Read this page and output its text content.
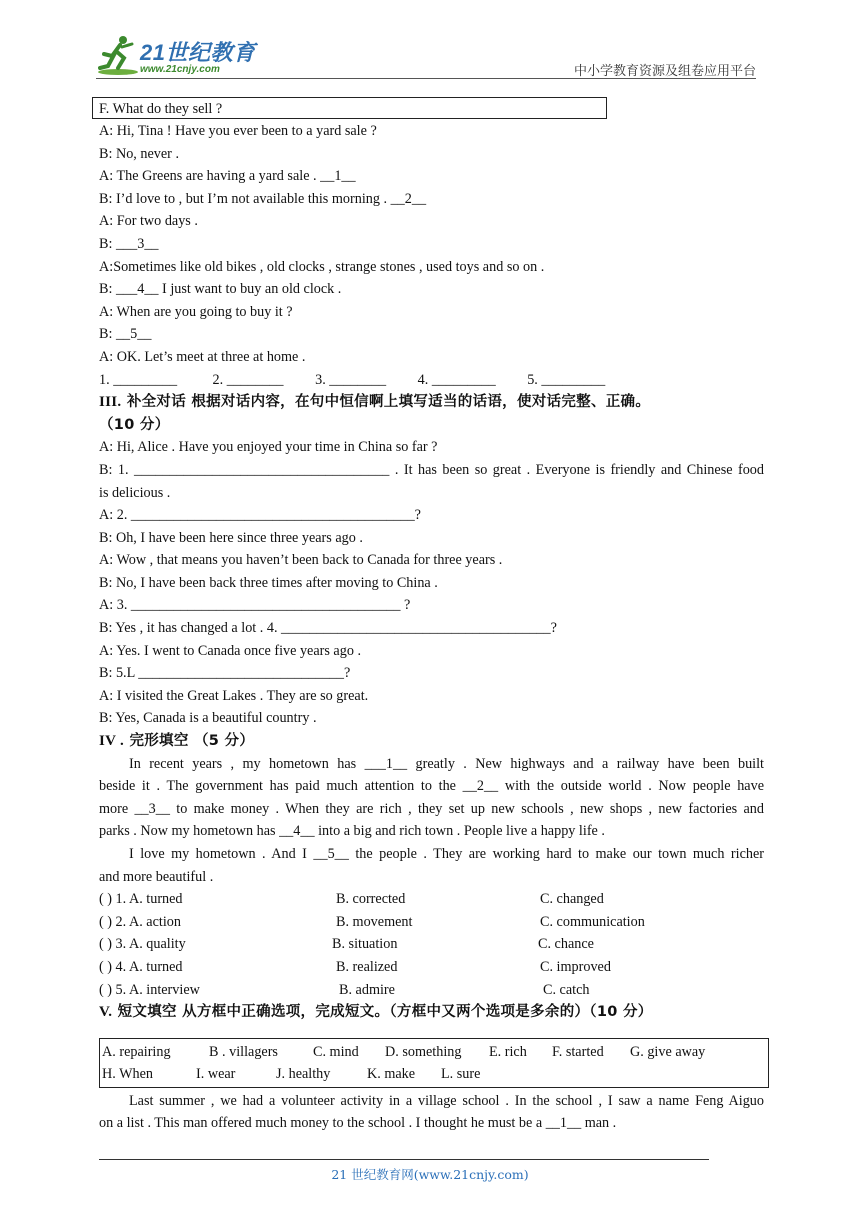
21世纪教育
www.21cnjy.com	中小学教育资源及组卷应用平台
F. What do they sell ?
A: Hi, Tina ! Have you ever been to a yard sale ?
B: No, never .
A: The Greens are having a yard sale . __1__
B: I’d love to , but I’m not available this morning . __2__
A: For two days .
B: ___3__
A:Sometimes like old bikes , old clocks , strange stones , used toys and so on .
B: ___4__ I just want to buy an old clock .
A: When are you going to buy it ?
B: __5__
A: OK. Let’s meet at three at home .
1. _________	2. ________ 3. ________ 4. _________ 5. _________
III. 补全对话 根据对话内容，在句中恒信啊上填写适当的话语，使对话完整、正确。
（10 分）
A: Hi, Alice . Have you enjoyed your time in China so far ?
B: 1. ____________________________________ . It has been so great . Everyone is friendly and Chinese food
is delicious .
A: 2. ________________________________________?
B: Oh, I have been here since three years ago .
A: Wow , that means you haven’t been back to Canada for three years .
B: No, I have been back three times after moving to China .
A: 3. ______________________________________ ?
B: Yes , it has changed a lot . 4. ______________________________________?
A: Yes. I went to Canada once five years ago .
B: 5.L _____________________________?
A: I visited the Great Lakes . They are so great.
B: Yes, Canada is a beautiful country .
IV . 完形填空 （5 分）
In recent years , my hometown has ___1__ greatly . New highways and a railway have been built
beside it . The government has paid much attention to the __2__ with the outside world . Now people have
more __3__ to make money . When they are rich , they set up new schools , new shops , new factories and
parks . Now my hometown has __4__ into a big and rich town . People live a happy life .
I love my hometown . And I __5__ the people . They are working hard to make our town much richer
and more beautiful .
( ) 1. A. turned	B. corrected	C. changed
( ) 2. A. action	B. movement	C. communication
( ) 3. A. quality	B. situation	C. chance
( ) 4. A. turned	B. realized	C. improved
( ) 5. A. interview	B. admire	C. catch
V. 短文填空 从方框中正确选项，完成短文。（方框中又两个选项是多余的）（10 分）
A. repairing	B . villagers	C. mind	D. something	E. rich	F. started	G. give away
H. When	I. wear	J. healthy	K. make	L. sure
Last summer , we had a volunteer activity in a village school . In the school , I saw a name Feng Aiguo
on a list . This man offered much money to the school . I thought he must be a __1__ man .
21 世纪教育网(www.21cnjy.com)
